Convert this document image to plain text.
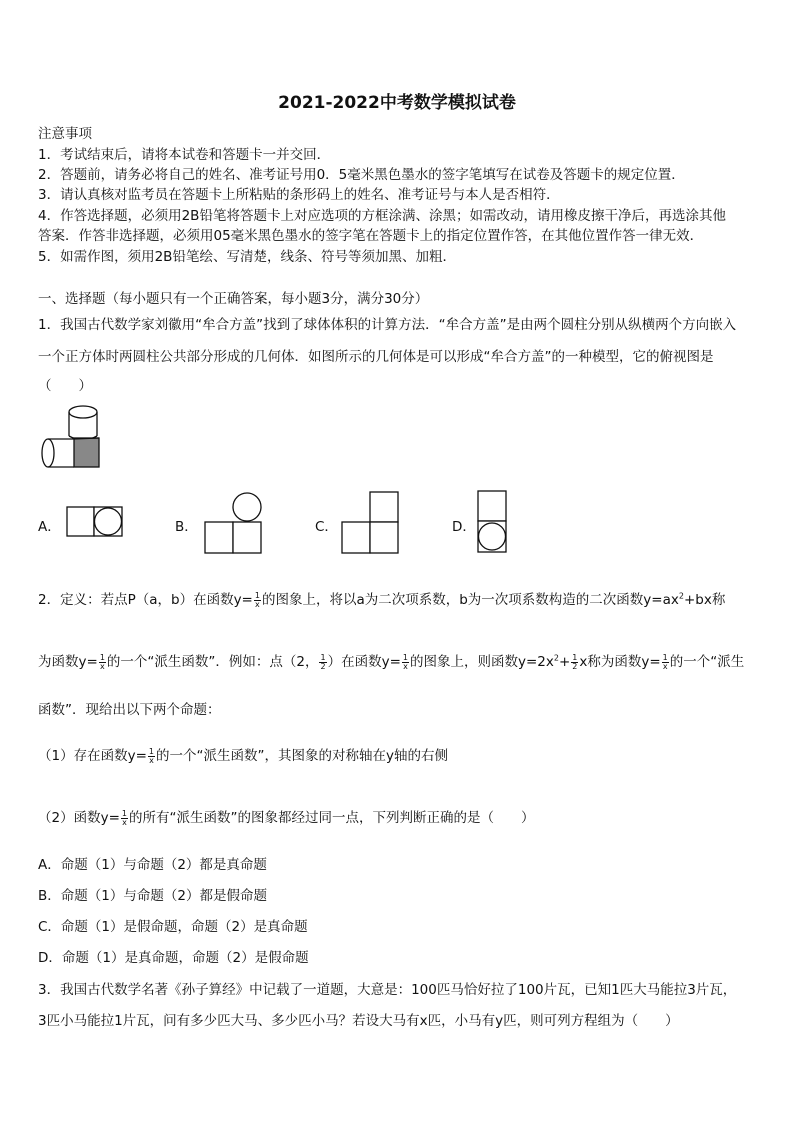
2021-2022中考数学模拟试卷
注意事项
1．考试结束后，请将本试卷和答题卡一并交回．
2．答题前，请务必将自己的姓名、准考证号用0．5毫米黑色墨水的签字笔填写在试卷及答题卡的规定位置．
3．请认真核对监考员在答题卡上所粘贴的条形码上的姓名、准考证号与本人是否相符．
4．作答选择题，必须用2B铅笔将答题卡上对应选项的方框涂满、涂黑；如需改动，请用橡皮擦干净后，再选涂其他
答案．作答非选择题，必须用05毫米黑色墨水的签字笔在答题卡上的指定位置作答，在其他位置作答一律无效．
5．如需作图，须用2B铅笔绘、写清楚，线条、符号等须加黑、加粗．
一、选择题（每小题只有一个正确答案，每小题3分，满分30分）
1．我国古代数学家刘徽用“牟合方盖”找到了球体体积的计算方法．“牟合方盖”是由两个圆柱分别从纵横两个方向嵌入
一个正方体时两圆柱公共部分形成的几何体．如图所示的几何体是可以形成“牟合方盖”的一种模型，它的俯视图是
（　　）
A．	B．	C．	D．
2．定义：若点P（a，b）在函数$y= \frac{1}{x}$ 的图象上，将以a为二次项系数，b为一次项系数构造的二次函数$y=ax^2+bx$称
为函数$y= \frac{1}{x}$ 的一个“派生函数”．例如：点（2， $\frac{1}{2}$ ）在函数$y= \frac{1}{x}$ 的图象上，则函数$y=2x^2+ \frac{1}{2}$ x称为函数$y= \frac{1}{x}$ 的一个“派生
函数”．现给出以下两个命题：
（1）存在函数$y= \frac{1}{x}$ 的一个“派生函数”，其图象的对称轴在y轴的右侧
（2）函数$y= \frac{1}{x}$ 的所有“派生函数”的图象都经过同一点，下列判断正确的是（　　）
A．命题（1）与命题（2）都是真命题
B．命题（1）与命题（2）都是假命题
C．命题（1）是假命题，命题（2）是真命题
D．命题（1）是真命题，命题（2）是假命题
3．我国古代数学名著《孙子算经》中记载了一道题，大意是：100匹马恰好拉了100片瓦，已知1匹大马能拉3片瓦，
3匹小马能拉1片瓦，问有多少匹大马、多少匹小马？若设大马有x匹，小马有y匹，则可列方程组为（　　）
